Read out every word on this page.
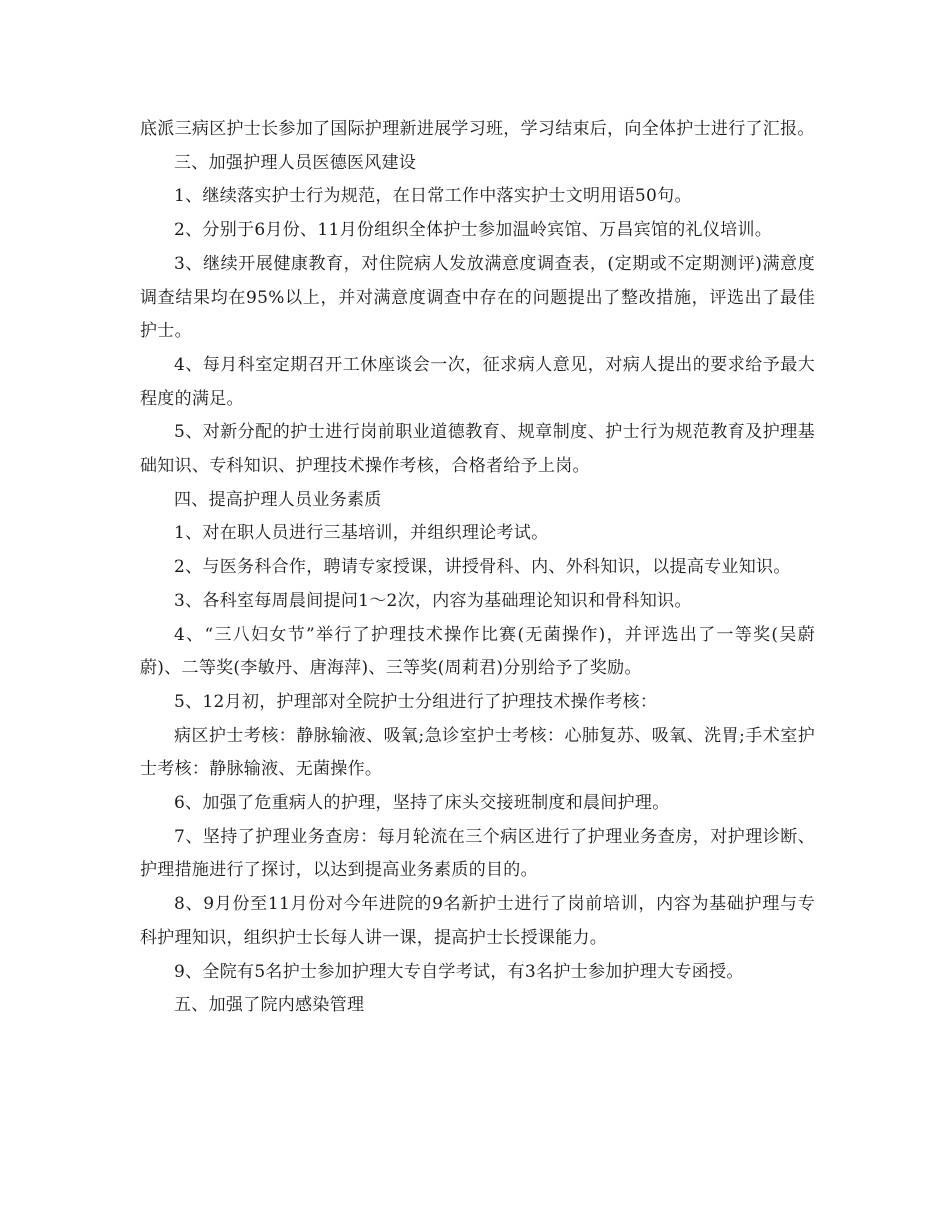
底派三病区护士长参加了国际护理新进展学习班，学习结束后，向全体护士进行了汇报。

三、加强护理人员医德医风建设

1、继续落实护士行为规范，在日常工作中落实护士文明用语50句。

2、分别于6月份、11月份组织全体护士参加温岭宾馆、万昌宾馆的礼仪培训。

3、继续开展健康教育，对住院病人发放满意度调查表，(定期或不定期测评)满意度调查结果均在95%以上，并对满意度调查中存在的问题提出了整改措施，评选出了最佳护士。

4、每月科室定期召开工休座谈会一次，征求病人意见，对病人提出的要求给予最大程度的满足。

5、对新分配的护士进行岗前职业道德教育、规章制度、护士行为规范教育及护理基础知识、专科知识、护理技术操作考核，合格者给予上岗。

四、提高护理人员业务素质

1、对在职人员进行三基培训，并组织理论考试。

2、与医务科合作，聘请专家授课，讲授骨科、内、外科知识，以提高专业知识。

3、各科室每周晨间提问1～2次，内容为基础理论知识和骨科知识。

4、“三八妇女节”举行了护理技术操作比赛(无菌操作)，并评选出了一等奖(吴蔚蔚)、二等奖(李敏丹、唐海萍)、三等奖(周莉君)分别给予了奖励。

5、12月初，护理部对全院护士分组进行了护理技术操作考核：

病区护士考核：静脉输液、吸氧;急诊室护士考核：心肺复苏、吸氧、洗胃;手术室护士考核：静脉输液、无菌操作。

6、加强了危重病人的护理，坚持了床头交接班制度和晨间护理。

7、坚持了护理业务查房：每月轮流在三个病区进行了护理业务查房，对护理诊断、护理措施进行了探讨，以达到提高业务素质的目的。

8、9月份至11月份对今年进院的9名新护士进行了岗前培训，内容为基础护理与专科护理知识，组织护士长每人讲一课，提高护士长授课能力。

9、全院有5名护士参加护理大专自学考试，有3名护士参加护理大专函授。

五、加强了院内感染管理
